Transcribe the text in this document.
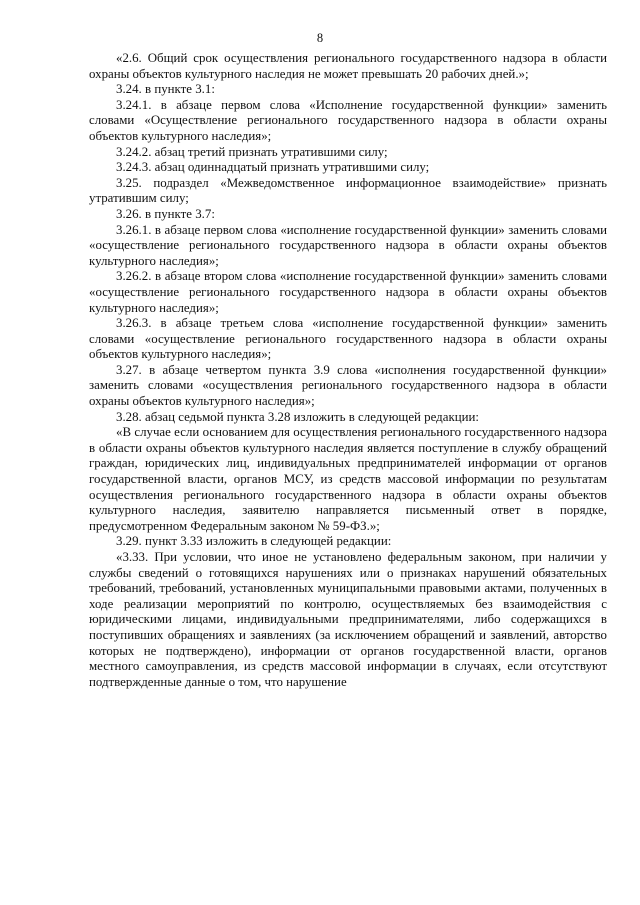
8

«2.6. Общий срок осуществления регионального государственного надзора в области охраны объектов культурного наследия не может превышать 20 рабочих дней.»;

3.24. в пункте 3.1:

3.24.1. в абзаце первом слова «Исполнение государственной функции» заменить словами «Осуществление регионального государственного надзора в области охраны объектов культурного наследия»;

3.24.2. абзац третий признать утратившими силу;

3.24.3. абзац одиннадцатый признать утратившими силу;

3.25. подраздел «Межведомственное информационное взаимодействие» признать утратившим силу;

3.26. в пункте 3.7:

3.26.1. в абзаце первом слова «исполнение государственной функции» заменить словами «осуществление регионального государственного надзора в области охраны объектов культурного наследия»;

3.26.2. в абзаце втором слова «исполнение государственной функции» заменить словами «осуществление регионального государственного надзора в области охраны объектов культурного наследия»;

3.26.3. в абзаце третьем слова «исполнение государственной функции» заменить словами «осуществление регионального государственного надзора в области охраны объектов культурного наследия»;

3.27. в абзаце четвертом пункта 3.9 слова «исполнения государственной функции» заменить словами «осуществления регионального государственного надзора в области охраны объектов культурного наследия»;

3.28. абзац седьмой пункта 3.28 изложить в следующей редакции:

«В случае если основанием для осуществления регионального государственного надзора в области охраны объектов культурного наследия является поступление в службу обращений граждан, юридических лиц, индивидуальных предпринимателей информации от органов государственной власти, органов МСУ, из средств массовой информации по результатам осуществления регионального государственного надзора в области охраны объектов культурного наследия, заявителю направляется письменный ответ в порядке, предусмотренном Федеральным законом № 59-ФЗ.»;

3.29. пункт 3.33 изложить в следующей редакции:

«3.33. При условии, что иное не установлено федеральным законом, при наличии у службы сведений о готовящихся нарушениях или о признаках нарушений обязательных требований, требований, установленных муниципальными правовыми актами, полученных в ходе реализации мероприятий по контролю, осуществляемых без взаимодействия с юридическими лицами, индивидуальными предпринимателями, либо содержащихся в поступивших обращениях и заявлениях (за исключением обращений и заявлений, авторство которых не подтверждено), информации от органов государственной власти, органов местного самоуправления, из средств массовой информации в случаях, если отсутствуют подтвержденные данные о том, что нарушение
